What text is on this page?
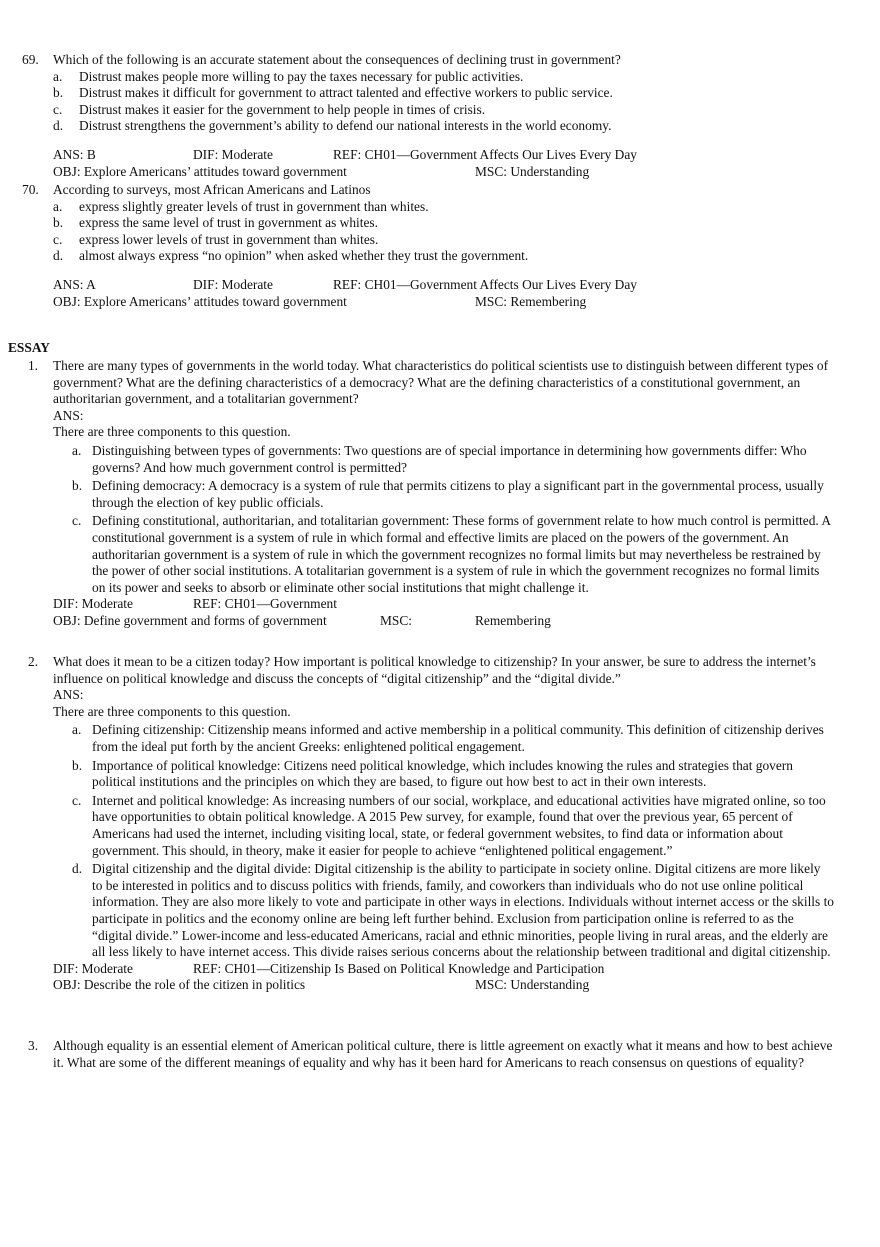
69.	Which of the following is an accurate statement about the consequences of declining trust in government?
a. Distrust makes people more willing to pay the taxes necessary for public activities.
b. Distrust makes it difficult for government to attract talented and effective workers to public service.
c. Distrust makes it easier for the government to help people in times of crisis.
d. Distrust strengthens the government’s ability to defend our national interests in the world economy.
ANS: B	DIF: Moderate	REF: CH01—Government Affects Our Lives Every Day
OBJ: Explore Americans’ attitudes toward government	MSC: Understanding
70.	According to surveys, most African Americans and Latinos
a. express slightly greater levels of trust in government than whites.
b. express the same level of trust in government as whites.
c. express lower levels of trust in government than whites.
d. almost always express “no opinion” when asked whether they trust the government.
ANS: A	DIF: Moderate	REF: CH01—Government Affects Our Lives Every Day
OBJ: Explore Americans’ attitudes toward government	MSC: Remembering
ESSAY
1. There are many types of governments in the world today. What characteristics do political scientists use to distinguish between different types of government? What are the defining characteristics of a democracy? What are the defining characteristics of a constitutional government, an authoritarian government, and a totalitarian government?
ANS:
There are three components to this question.
a. Distinguishing between types of governments: Two questions are of special importance in determining how governments differ: Who governs? And how much government control is permitted?
b. Defining democracy: A democracy is a system of rule that permits citizens to play a significant part in the governmental process, usually through the election of key public officials.
c. Defining constitutional, authoritarian, and totalitarian government: These forms of government relate to how much control is permitted. A constitutional government is a system of rule in which formal and effective limits are placed on the powers of the government. An authoritarian government is a system of rule in which the government recognizes no formal limits but may nevertheless be restrained by the power of other social institutions. A totalitarian government is a system of rule in which the government recognizes no formal limits on its power and seeks to absorb or eliminate other social institutions that might challenge it.
DIF: Moderate	REF: CH01—Government
OBJ: Define government and forms of government	MSC:	Remembering
2. What does it mean to be a citizen today? How important is political knowledge to citizenship? In your answer, be sure to address the internet’s influence on political knowledge and discuss the concepts of “digital citizenship” and the “digital divide.”
ANS:
There are three components to this question.
a. Defining citizenship: Citizenship means informed and active membership in a political community. This definition of citizenship derives from the ideal put forth by the ancient Greeks: enlightened political engagement.
b. Importance of political knowledge: Citizens need political knowledge, which includes knowing the rules and strategies that govern political institutions and the principles on which they are based, to figure out how best to act in their own interests.
c. Internet and political knowledge: As increasing numbers of our social, workplace, and educational activities have migrated online, so too have opportunities to obtain political knowledge. A 2015 Pew survey, for example, found that over the previous year, 65 percent of Americans had used the internet, including visiting local, state, or federal government websites, to find data or information about government. This should, in theory, make it easier for people to achieve “enlightened political engagement.”
d. Digital citizenship and the digital divide: Digital citizenship is the ability to participate in society online. Digital citizens are more likely to be interested in politics and to discuss politics with friends, family, and coworkers than individuals who do not use online political information. They are also more likely to vote and participate in other ways in elections. Individuals without internet access or the skills to participate in politics and the economy online are being left further behind. Exclusion from participation online is referred to as the “digital divide.” Lower-income and less-educated Americans, racial and ethnic minorities, people living in rural areas, and the elderly are all less likely to have internet access. This divide raises serious concerns about the relationship between traditional and digital citizenship.
DIF: Moderate	REF: CH01—Citizenship Is Based on Political Knowledge and Participation
OBJ: Describe the role of the citizen in politics	MSC: Understanding
3. Although equality is an essential element of American political culture, there is little agreement on exactly what it means and how to best achieve it. What are some of the different meanings of equality and why has it been hard for Americans to reach consensus on questions of equality?
